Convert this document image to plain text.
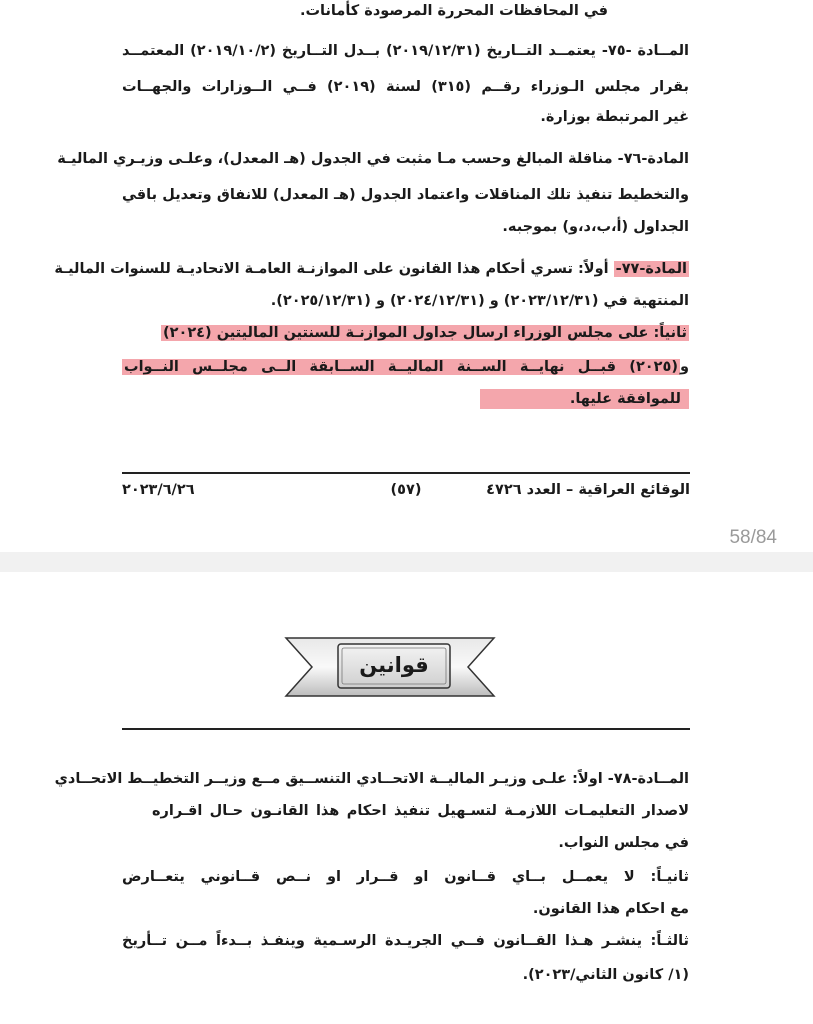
في المحافظات المحررة المرصودة كأمانات.
المــادة -٧٥- يعتمــد التــاريخ (٢٠١٩/١٢/٣١) بــدل التــاريخ (٢٠١٩/١٠/٢) المعتمــد
بقرار مجلس الـوزراء رقــم (٣١٥) لسنة (٢٠١٩) فــي الــوزارات والجهــات
غير المرتبطة بوزارة.
المادة-٧٦- مناقلة المبالغ وحسب مـا مثبت في الجدول (هـ المعدل)، وعلـى وزيـري الماليـة
والتخطيط تنفيذ تلك المناقلات واعتماد الجدول (هـ المعدل) للانفاق وتعديل باقي
الجداول (أ،ب،د،و) بموجبه.
المادة-٧٧- أولاً: تسري أحكام هذا القانون على الموازنـة العامـة الاتحاديـة للسنوات الماليـة
المنتهية في (٢٠٢٣/١٢/٣١) و (٢٠٢٤/١٢/٣١) و (٢٠٢٥/١٢/٣١).
ثانياً: على مجلس الوزراء ارسال جداول الموازنـة للسنتين الماليتين (٢٠٢٤)
و(٢٠٢٥) قبــل نهايــة الســنة الماليــة الســابقة الــى مجلــس النــواب
للموافقة عليها.
الوقائع العراقية – العدد ٤٧٢٦
(٥٧)
٢٠٢٣/٦/٢٦
58/84
المــادة-٧٨- اولاً: علـى وزيـر الماليــة الاتحــادي التنســيق مــع وزيــر التخطيــط الاتحــادي
لاصدار التعليمـات اللازمـة لتسـهيل تنفيذ احكام هذا القانـون حـال اقـراره
في مجلس النواب.
ثانيـاً: لا يعمــل بــاي قــانون او قــرار او نــص قــانوني يتعــارض
مع احكام هذا القانون.
ثالثـاً: ينشـر هـذا القــانون فــي الجريـدة الرسـمية وينفـذ بــدءاً مــن تــأريخ
(١/ كانون الثاني/٢٠٢٣).
قوانين
